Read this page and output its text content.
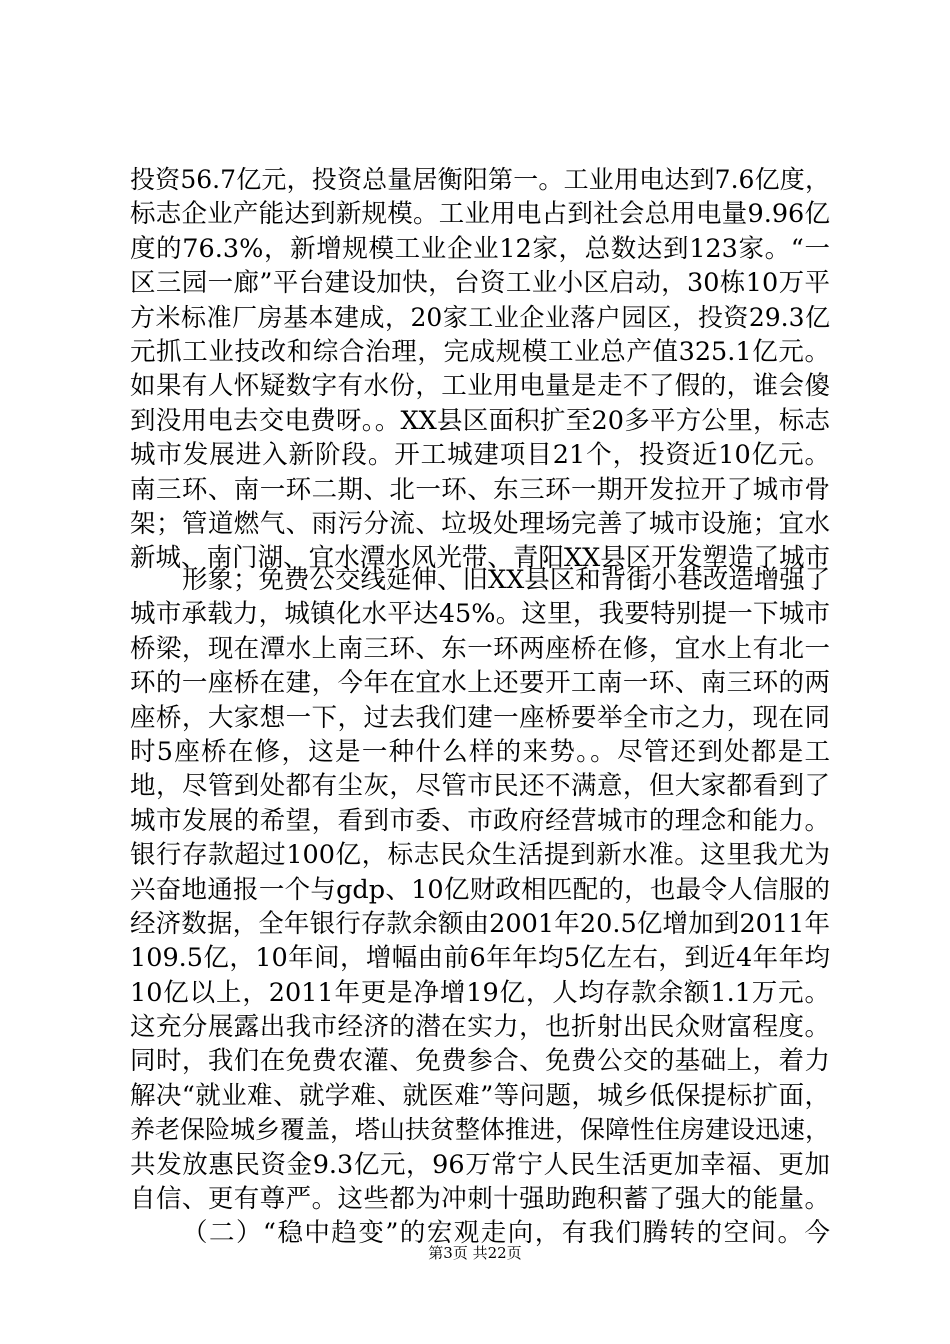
投资56.7亿元，投资总量居衡阳第一。工业用电达到7.6亿度，
标志企业产能达到新规模。工业用电占到社会总用电量9.96亿
度的76.3%，新增规模工业企业12家，总数达到123家。“一
区三园一廊”平台建设加快，台资工业小区启动，30栋10万平
方米标准厂房基本建成，20家工业企业落户园区，投资29.3亿
元抓工业技改和综合治理，完成规模工业总产值325.1亿元。
如果有人怀疑数字有水份，工业用电量是走不了假的，谁会傻
到没用电去交电费呀。。XX县区面积扩至20多平方公里，标志
城市发展进入新阶段。开工城建项目21个，投资近10亿元。
南三环、南一环二期、北一环、东三环一期开发拉开了城市骨
架；管道燃气、雨污分流、垃圾处理场完善了城市设施；宜水
新城、南门湖、宜水潭水风光带、青阳XX县区开发塑造了城市
形象；免费公交线延伸、旧XX县区和背街小巷改造增强了
城市承载力，城镇化水平达45%。这里，我要特别提一下城市
桥梁，现在潭水上南三环、东一环两座桥在修，宜水上有北一
环的一座桥在建，今年在宜水上还要开工南一环、南三环的两
座桥，大家想一下，过去我们建一座桥要举全市之力，现在同
时5座桥在修，这是一种什么样的来势。。尽管还到处都是工
地，尽管到处都有尘灰，尽管市民还不满意，但大家都看到了
城市发展的希望，看到市委、市政府经营城市的理念和能力。
银行存款超过100亿，标志民众生活提到新水准。这里我尤为
兴奋地通报一个与gdp、10亿财政相匹配的，也最令人信服的
经济数据，全年银行存款余额由2001年20.5亿增加到2011年
109.5亿，10年间，增幅由前6年年均5亿左右，到近4年年均
10亿以上，2011年更是净增19亿，人均存款余额1.1万元。
这充分展露出我市经济的潜在实力，也折射出民众财富程度。
同时，我们在免费农灌、免费参合、免费公交的基础上，着力
解决“就业难、就学难、就医难”等问题，城乡低保提标扩面，
养老保险城乡覆盖，塔山扶贫整体推进，保障性住房建设迅速，
共发放惠民资金9.3亿元，96万常宁人民生活更加幸福、更加
自信、更有尊严。这些都为冲刺十强助跑积蓄了强大的能量。
（二）“稳中趋变”的宏观走向，有我们腾转的空间。今
第3页 共22页
